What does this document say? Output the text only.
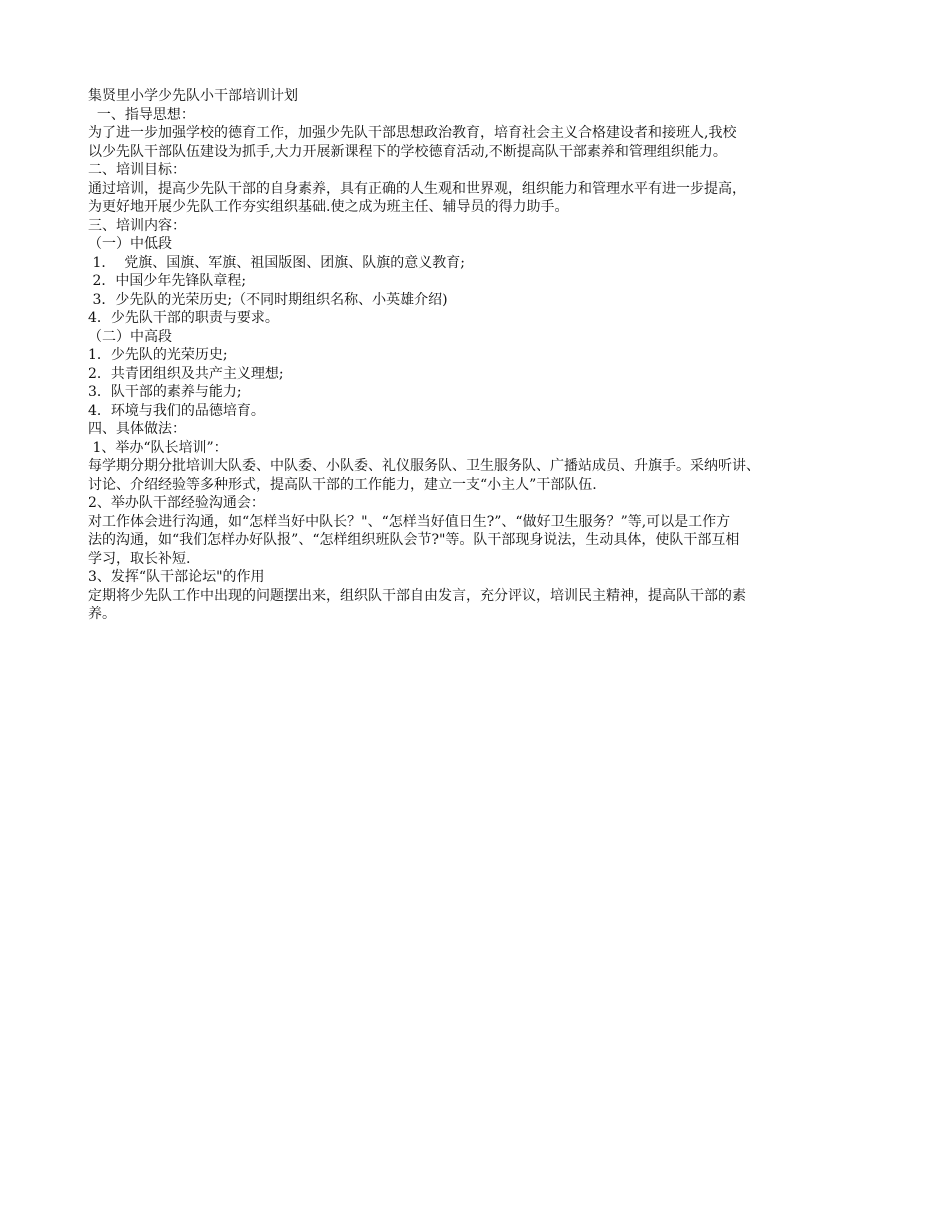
集贤里小学少先队小干部培训计划
一、指导思想：
为了进一步加强学校的德育工作，加强少先队干部思想政治教育，培育社会主义合格建设者和接班人,我校
以少先队干部队伍建设为抓手,大力开展新课程下的学校德育活动,不断提高队干部素养和管理组织能力。
二、培训目标：
通过培训，提高少先队干部的自身素养，具有正确的人生观和世界观，组织能力和管理水平有进一步提高，
为更好地开展少先队工作夯实组织基础.使之成为班主任、辅导员的得力助手。
三、培训内容：
（一）中低段
1．  党旗、国旗、军旗、祖国版图、团旗、队旗的意义教育;
2．中国少年先锋队章程;
3．少先队的光荣历史;（不同时期组织名称、小英雄介绍)
4．少先队干部的职责与要求。
（二）中高段
1．少先队的光荣历史;
2．共青团组织及共产主义理想;
3．队干部的素养与能力;
4．环境与我们的品德培育。
四、具体做法：
1、举办“队长培训”：
每学期分期分批培训大队委、中队委、小队委、礼仪服务队、卫生服务队、广播站成员、升旗手。采纳听讲、
讨论、介绍经验等多种形式，提高队干部的工作能力，建立一支“小主人”干部队伍.
2、举办队干部经验沟通会：
对工作体会进行沟通，如“怎样当好中队长？"、“怎样当好值日生?”、“做好卫生服务？”等,可以是工作方
法的沟通，如“我们怎样办好队报”、“怎样组织班队会节?"等。队干部现身说法，生动具体，使队干部互相
学习，取长补短.
3、发挥“队干部论坛"的作用
定期将少先队工作中出现的问题摆出来，组织队干部自由发言，充分评议，培训民主精神，提高队干部的素
养。
